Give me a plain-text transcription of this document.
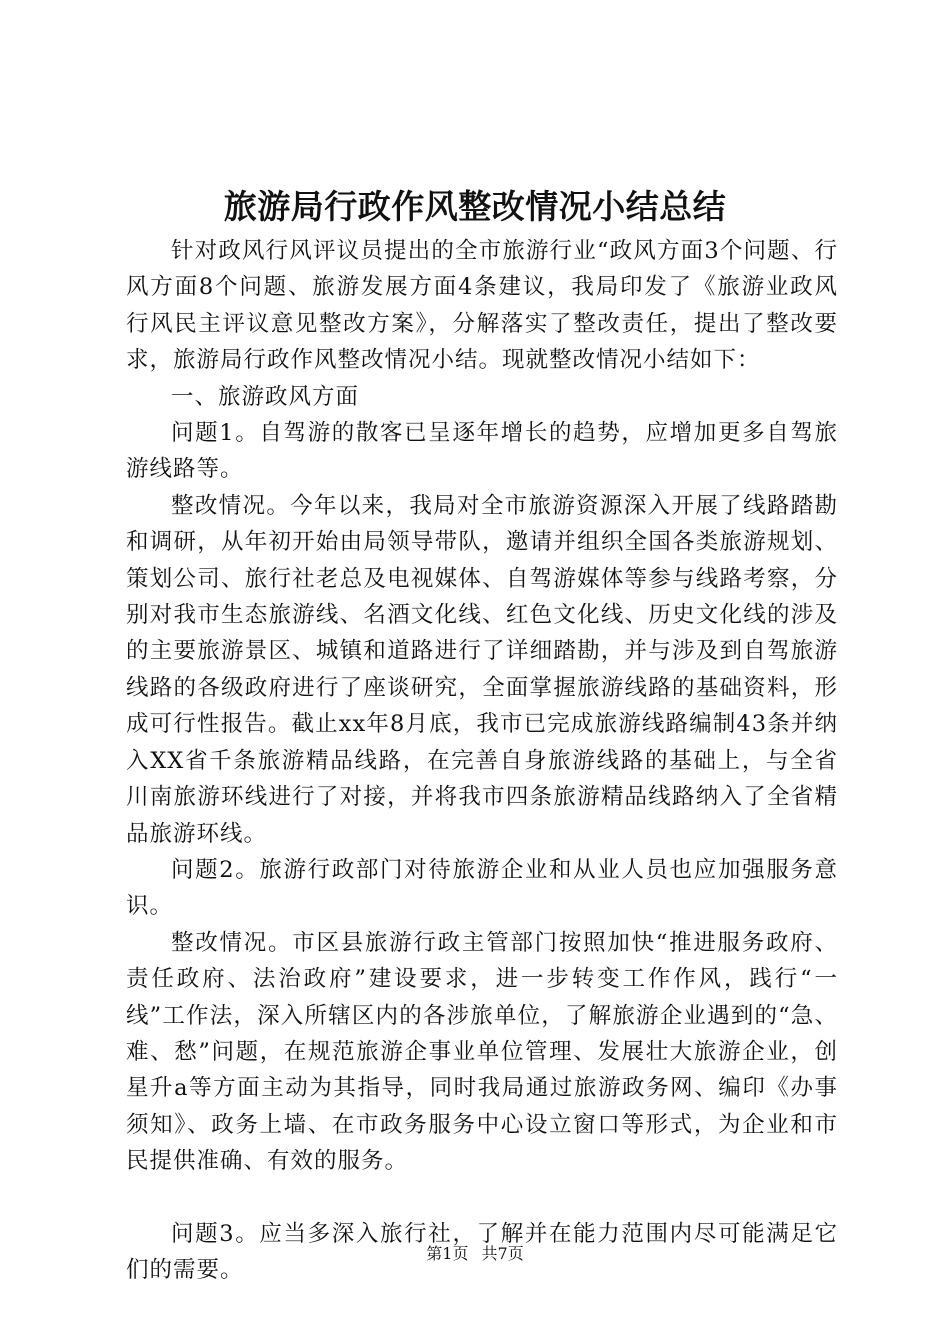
旅游局行政作风整改情况小结总结

针对政风行风评议员提出的全市旅游行业“政风方面3个问题、行风方面8个问题、旅游发展方面4条建议，我局印发了《旅游业政风行风民主评议意见整改方案》，分解落实了整改责任，提出了整改要求，旅游局行政作风整改情况小结。现就整改情况小结如下：

一、旅游政风方面

问题1。自驾游的散客已呈逐年增长的趋势，应增加更多自驾旅游线路等。

整改情况。今年以来，我局对全市旅游资源深入开展了线路踏勘和调研，从年初开始由局领导带队，邀请并组织全国各类旅游规划、策划公司、旅行社老总及电视媒体、自驾游媒体等参与线路考察，分别对我市生态旅游线、名酒文化线、红色文化线、历史文化线的涉及的主要旅游景区、城镇和道路进行了详细踏勘，并与涉及到自驾旅游线路的各级政府进行了座谈研究，全面掌握旅游线路的基础资料，形成可行性报告。截止xx年8月底，我市已完成旅游线路编制43条并纳入XX省千条旅游精品线路，在完善自身旅游线路的基础上，与全省川南旅游环线进行了对接，并将我市四条旅游精品线路纳入了全省精品旅游环线。

问题2。旅游行政部门对待旅游企业和从业人员也应加强服务意识。

整改情况。市区县旅游行政主管部门按照加快“推进服务政府、责任政府、法治政府”建设要求，进一步转变工作作风，践行“一线”工作法，深入所辖区内的各涉旅单位，了解旅游企业遇到的“急、难、愁”问题，在规范旅游企事业单位管理、发展壮大旅游企业，创星升a等方面主动为其指导，同时我局通过旅游政务网、编印《办事须知》、政务上墙、在市政务服务中心设立窗口等形式，为企业和市民提供准确、有效的服务。

问题3。应当多深入旅行社，了解并在能力范围内尽可能满足它们的需要。

第1页 共7页
